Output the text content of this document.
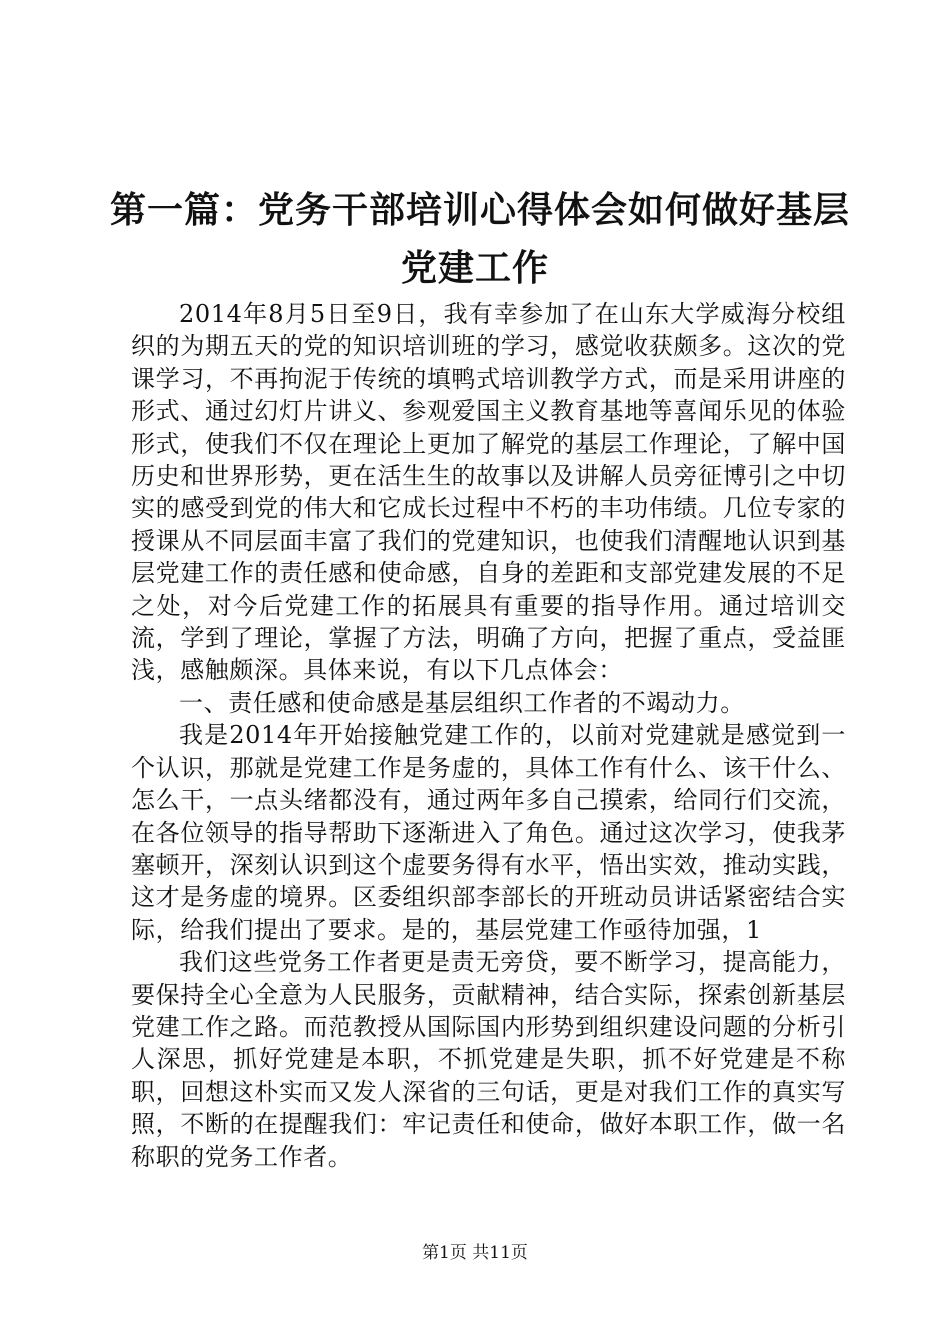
第一篇：党务干部培训心得体会如何做好基层
党建工作

2014年8月5日至9日，我有幸参加了在山东大学威海分校组织的为期五天的党的知识培训班的学习，感觉收获颇多。这次的党课学习，不再拘泥于传统的填鸭式培训教学方式，而是采用讲座的形式、通过幻灯片讲义、参观爱国主义教育基地等喜闻乐见的体验形式，使我们不仅在理论上更加了解党的基层工作理论，了解中国历史和世界形势，更在活生生的故事以及讲解人员旁征博引之中切实的感受到党的伟大和它成长过程中不朽的丰功伟绩。几位专家的授课从不同层面丰富了我们的党建知识，也使我们清醒地认识到基层党建工作的责任感和使命感，自身的差距和支部党建发展的不足之处，对今后党建工作的拓展具有重要的指导作用。通过培训交流，学到了理论，掌握了方法，明确了方向，把握了重点，受益匪浅，感触颇深。具体来说，有以下几点体会：

一、责任感和使命感是基层组织工作者的不竭动力。

我是2014年开始接触党建工作的，以前对党建就是感觉到一个认识，那就是党建工作是务虚的，具体工作有什么、该干什么、怎么干，一点头绪都没有，通过两年多自己摸索，给同行们交流，在各位领导的指导帮助下逐渐进入了角色。通过这次学习，使我茅塞顿开，深刻认识到这个虚要务得有水平，悟出实效，推动实践，这才是务虚的境界。区委组织部李部长的开班动员讲话紧密结合实际，给我们提出了要求。是的，基层党建工作亟待加强，1

我们这些党务工作者更是责无旁贷，要不断学习，提高能力，要保持全心全意为人民服务，贡献精神，结合实际，探索创新基层党建工作之路。而范教授从国际国内形势到组织建设问题的分析引人深思，抓好党建是本职，不抓党建是失职，抓不好党建是不称职，回想这朴实而又发人深省的三句话，更是对我们工作的真实写照，不断的在提醒我们：牢记责任和使命，做好本职工作，做一名称职的党务工作者。

第1页 共11页
